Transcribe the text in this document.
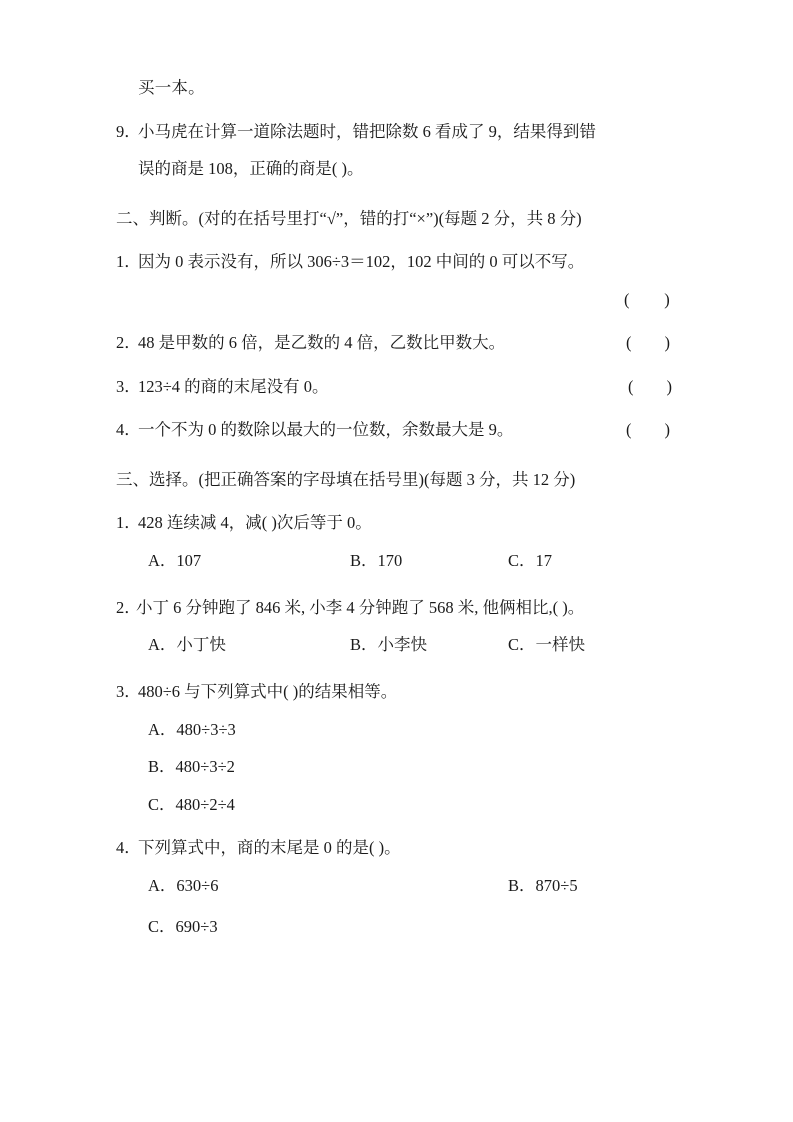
买一本。
9．
小马虎在计算一道除法题时，错把除数 6 看成了 9，结果得到错
误的商是 108，正确的商是( )。
二、判断。(对的在括号里打“√”，错的打“×”)(每题 2 分，共 8 分)
1．
因为 0 表示没有，所以 306÷3＝102，102 中间的 0 可以不写。
(        )

2．
48 是甲数的 6 倍，是乙数的 4 倍，乙数比甲数大。	(        )
3．
123÷4 的商的末尾没有 0。	(        )
4．
一个不为 0 的数除以最大的一位数，余数最大是 9。	(        )
三、选择。(把正确答案的字母填在括号里)(每题 3 分，共 12 分)
1．
428 连续减 4，减( )次后等于 0。
A．107	B．170	C．17
2．
小丁 6 分钟跑了 846 米, 小李 4 分钟跑了 568 米, 他俩相比,( )。
A．小丁快	B．小李快	C．一样快
3．
480÷6 与下列算式中( )的结果相等。
A．480÷3÷3
B．480÷3÷2
C．480÷2÷4
4．
下列算式中，商的末尾是 0 的是( )。
A．630÷6	B．870÷5
C．690÷3
